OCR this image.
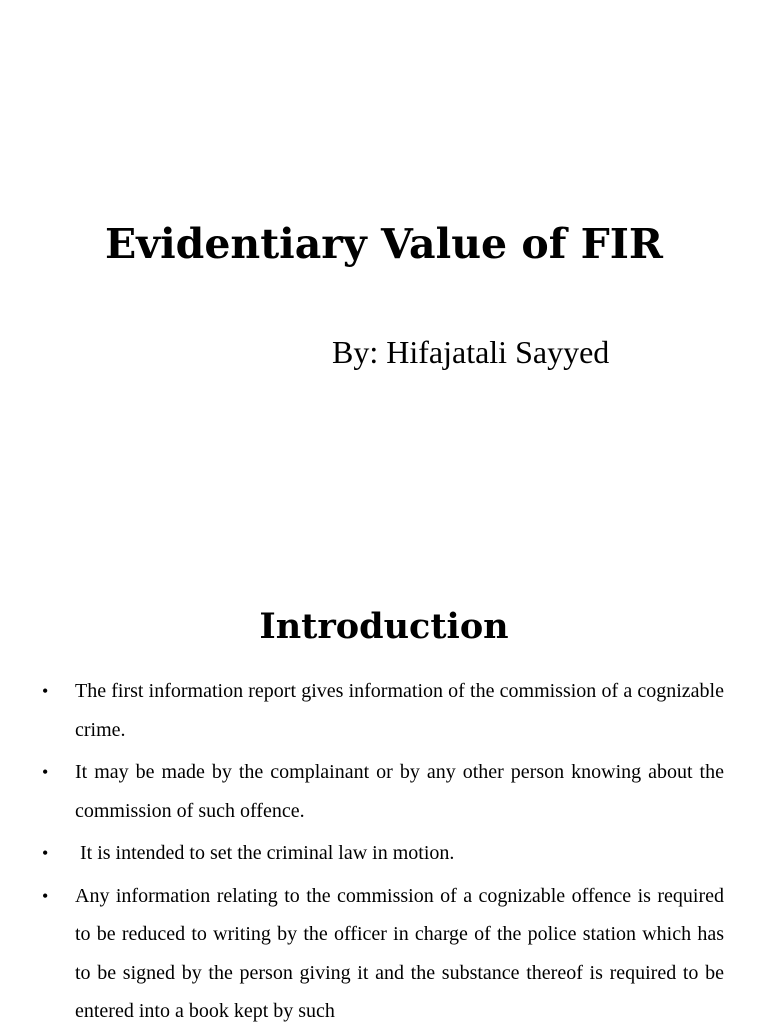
Evidentiary Value of FIR
By: Hifajatali Sayyed
Introduction
• The first information report gives information of the commission of a cognizable crime.
• It may be made by the complainant or by any other person knowing about the commission of such offence.
• It is intended to set the criminal law in motion.
• Any information relating to the commission of a cognizable offence is required to be reduced to writing by the officer in charge of the police station which has to be signed by the person giving it and the substance thereof is required to be entered into a book kept by such
